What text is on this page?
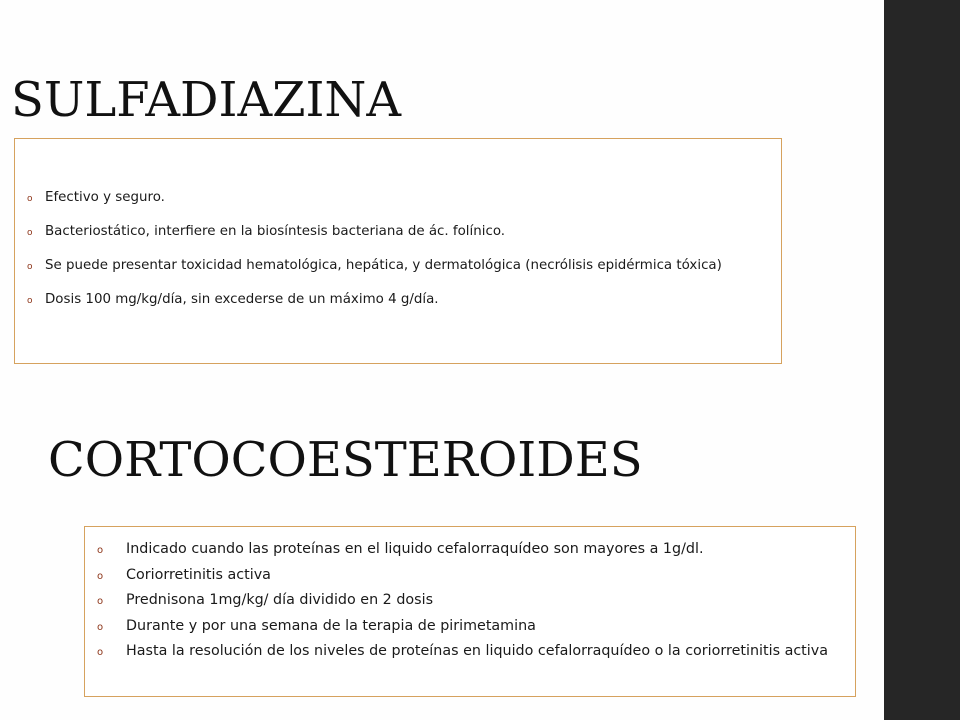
SULFADIAZINA
o Efectivo y seguro.
o Bacteriostático, interfiere en la biosíntesis bacteriana de ác. folínico.
o Se puede presentar toxicidad hematológica, hepática, y dermatológica (necrólisis epidérmica tóxica)
o Dosis 100 mg/kg/día, sin excederse de un máximo 4 g/día.
CORTOCOESTEROIDES
o Indicado cuando las proteínas en el liquido cefalorraquídeo son mayores a 1g/dl.
o Coriorretinitis activa
o Prednisona 1mg/kg/ día dividido en 2 dosis
o Durante y por una semana de la terapia de pirimetamina
o Hasta la resolución de los niveles de proteínas en liquido cefalorraquídeo o la coriorretinitis activa
